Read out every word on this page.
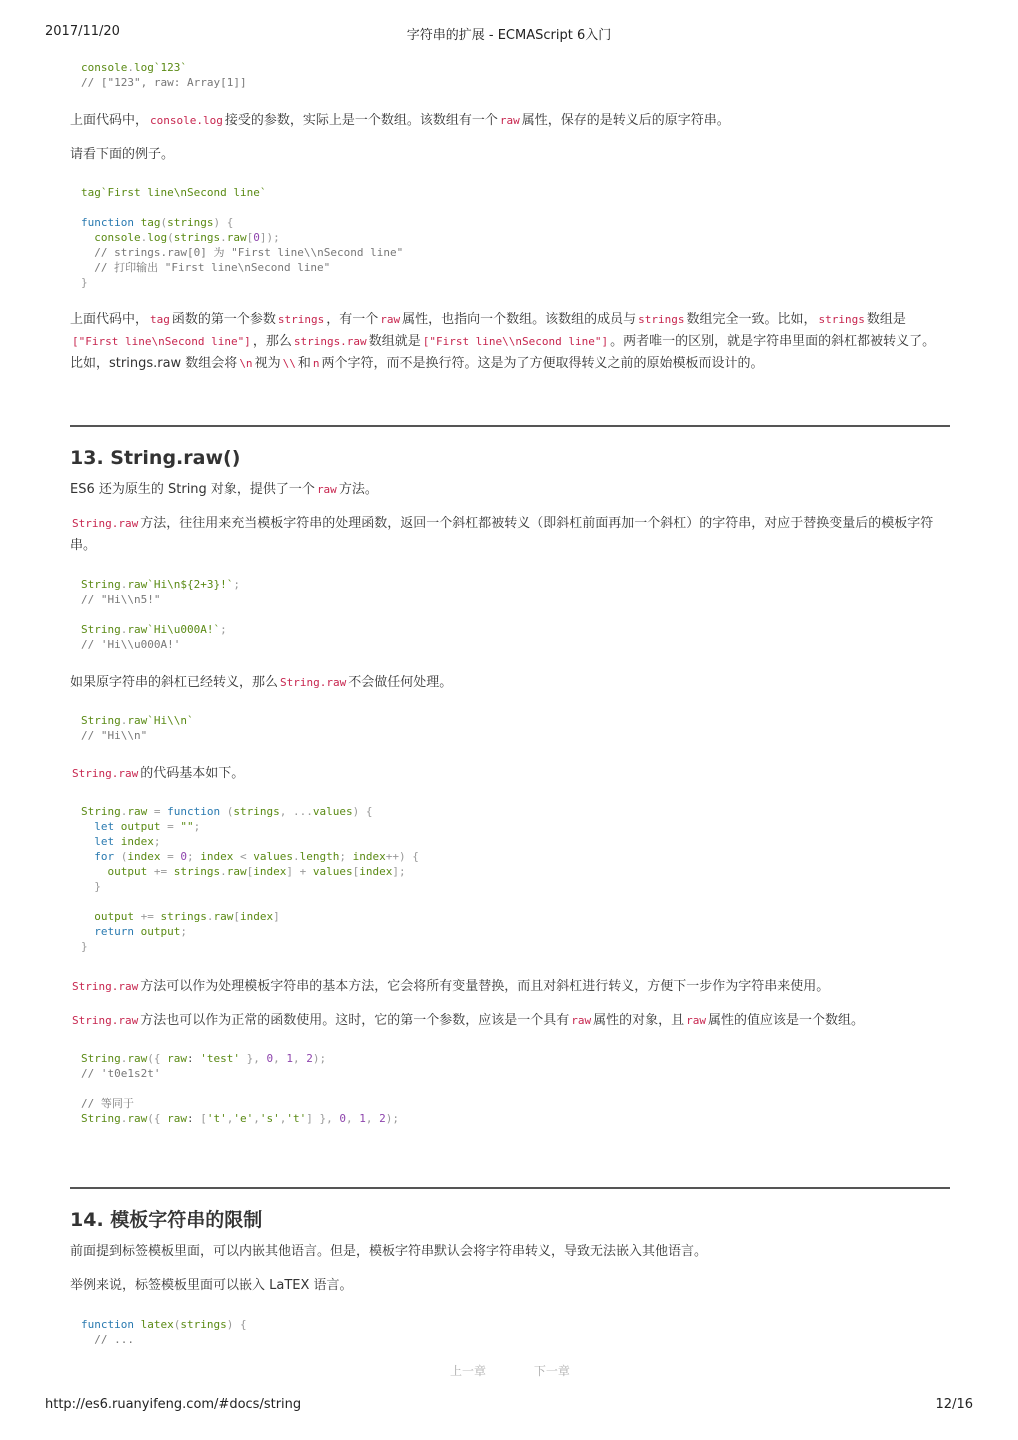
2017/11/20	字符串的扩展 - ECMAScript 6入门
console.log`123`
// ["123", raw: Array[1]]

上面代码中， console.log 接受的参数，实际上是一个数组。该数组有一个 raw 属性，保存的是转义后的原字符串。

请看下面的例子。

tag`First line\nSecond line`

function tag(strings) {
console.log(strings.raw[0]);
// strings.raw[0] 为 "First line\\nSecond line"
// 打印输出 "First line\nSecond line"
}

上面代码中， tag 函数的第一个参数 strings ，有一个 raw 属性，也指向一个数组。该数组的成员与 strings 数组完全一致。比如， strings 数组是
["First line\nSecond line"] ，那么 strings.raw 数组就是 ["First line\\nSecond line"] 。两者唯一的区别，就是字符串里面的斜杠都被转义了。
比如，strings.raw 数组会将 \n 视为 \\ 和 n 两个字符，而不是换行符。这是为了方便取得转义之前的原始模板而设计的。

13. String.raw()

ES6 还为原生的 String 对象，提供了一个 raw 方法。

String.raw 方法，往往用来充当模板字符串的处理函数，返回一个斜杠都被转义（即斜杠前面再加一个斜杠）的字符串，对应于替换变量后的模板字符
串。

String.raw`Hi\n${2+3}!`;
// "Hi\\n5!"

String.raw`Hi\u000A!`;
// 'Hi\\u000A!'

如果原字符串的斜杠已经转义，那么 String.raw 不会做任何处理。

String.raw`Hi\\n`
// "Hi\\n"

String.raw 的代码基本如下。

String.raw = function (strings, ...values) {
let output = "";
let index;
for (index = 0; index < values.length; index++) {
output += strings.raw[index] + values[index];
}

output += strings.raw[index]
return output;
}

String.raw 方法可以作为处理模板字符串的基本方法，它会将所有变量替换，而且对斜杠进行转义，方便下一步作为字符串来使用。

String.raw 方法也可以作为正常的函数使用。这时，它的第一个参数，应该是一个具有 raw 属性的对象，且 raw 属性的值应该是一个数组。

String.raw({ raw: 'test' }, 0, 1, 2);
// 't0e1s2t'

// 等同于
String.raw({ raw: ['t','e','s','t'] }, 0, 1, 2);
14. 模板字符串的限制

前面提到标签模板里面，可以内嵌其他语言。但是，模板字符串默认会将字符串转义，导致无法嵌入其他语言。

举例来说，标签模板里面可以嵌入 LaTEX 语言。

function latex(strings) {
// ...
上一章	下一章
http://es6.ruanyifeng.com/#docs/string	12/16
